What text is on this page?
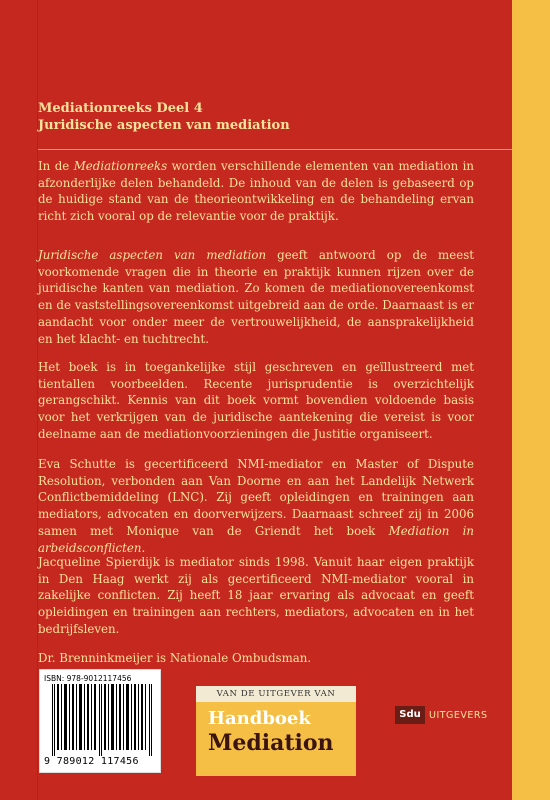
Mediationreeks Deel 4
Juridische aspecten van mediation

In de Mediationreeks worden verschillende elementen van mediation in afzonderlijke delen behandeld. De inhoud van de delen is gebaseerd op de huidige stand van de theorieontwikkeling en de behandeling ervan richt zich vooral op de relevantie voor de praktijk.

Juridische aspecten van mediation geeft antwoord op de meest voorkomende vragen die in theorie en praktijk kunnen rijzen over de juridische kanten van mediation. Zo komen de mediationovereenkomst en de vaststellingsovereenkomst uitgebreid aan de orde. Daarnaast is er aandacht voor onder meer de vertrouwelijkheid, de aansprakelijkheid en het klacht- en tuchtrecht.

Het boek is in toegankelijke stijl geschreven en geïllustreerd met tientallen voorbeelden. Recente jurisprudentie is overzichtelijk gerangschikt. Kennis van dit boek vormt bovendien voldoende basis voor het verkrijgen van de juridische aantekening die vereist is voor deelname aan de mediationvoorzieningen die Justitie organiseert.

Eva Schutte is gecertificeerd NMI-mediator en Master of Dispute Resolution, verbonden aan Van Doorne en aan het Landelijk Netwerk Conflictbemiddeling (LNC). Zij geeft opleidingen en trainingen aan mediators, advocaten en doorverwijzers. Daarnaast schreef zij in 2006 samen met Monique van de Griendt het boek Mediation in arbeidsconflicten.

Jacqueline Spierdijk is mediator sinds 1998. Vanuit haar eigen praktijk in Den Haag werkt zij als gecertificeerd NMI-mediator vooral in zakelijke conflicten. Zij heeft 18 jaar ervaring als advocaat en geeft opleidingen en trainingen aan rechters, mediators, advocaten en in het bedrijfsleven.

Dr. Brenninkmeijer is Nationale Ombudsman.

ISBN: 978-9012117456
9 789012 117456
VAN DE UITGEVER VAN
Handboek
Mediation
Sdu UITGEVERS
